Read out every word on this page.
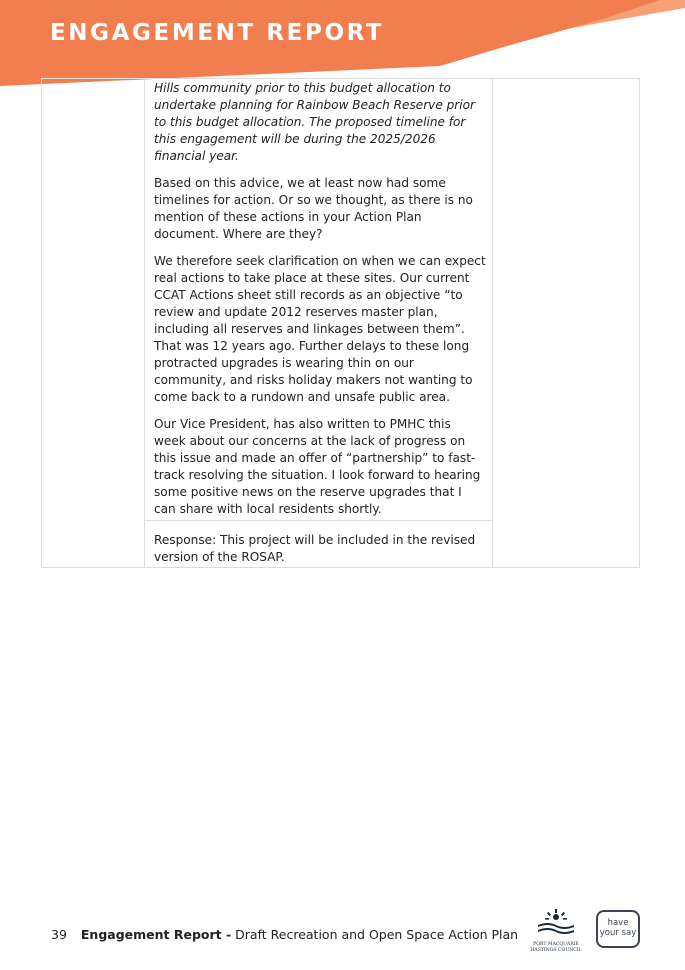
ENGAGEMENT REPORT

Hills community prior to this budget allocation to undertake planning for Rainbow Beach Reserve prior to this budget allocation. The proposed timeline for this engagement will be during the 2025/2026 financial year.

Based on this advice, we at least now had some timelines for action. Or so we thought, as there is no mention of these actions in your Action Plan document. Where are they?

We therefore seek clarification on when we can expect real actions to take place at these sites. Our current CCAT Actions sheet still records as an objective “to review and update 2012 reserves master plan, including all reserves and linkages between them”. That was 12 years ago. Further delays to these long protracted upgrades is wearing thin on our community, and risks holiday makers not wanting to come back to a rundown and unsafe public area.

Our Vice President, has also written to PMHC this week about our concerns at the lack of progress on this issue and made an offer of “partnership” to fast-track resolving the situation. I look forward to hearing some positive news on the reserve upgrades that I can share with local residents shortly.

Response: This project will be included in the revised version of the ROSAP.

39 Engagement Report - Draft Recreation and Open Space Action Plan
PORT MACQUARIE
HASTINGS COUNCIL
have
your say
